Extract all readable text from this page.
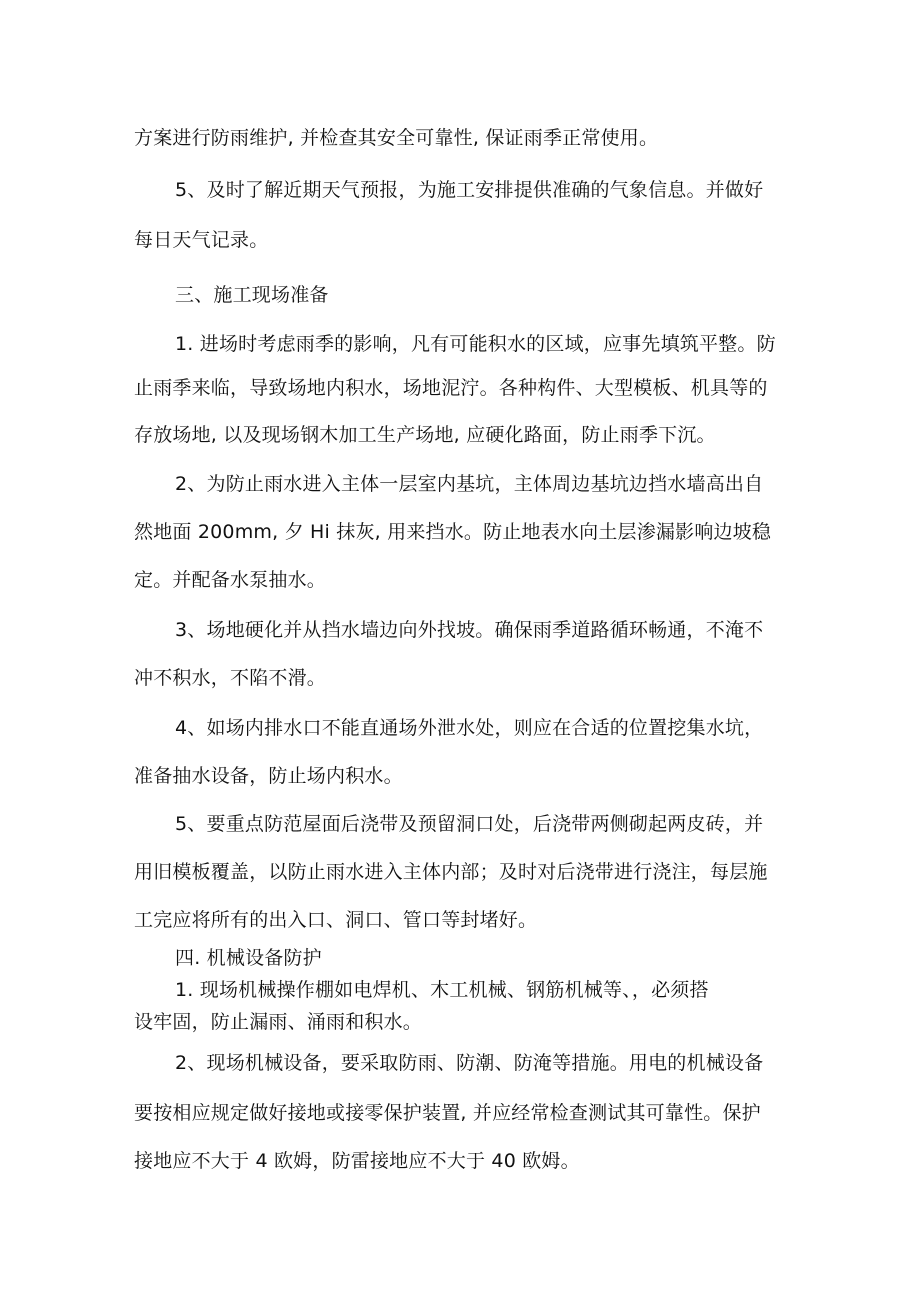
方案进行防雨维护, 并检查其安全可靠性, 保证雨季正常使用。
5、及时了解近期天气预报，为施工安排提供准确的气象信息。并做好
每日天气记录。
三、施工现场准备
1. 进场时考虑雨季的影响，凡有可能积水的区域，应事先填筑平整。防
止雨季来临，导致场地内积水，场地泥泞。各种构件、大型模板、机具等的
存放场地, 以及现场钢木加工生产场地, 应硬化路面，防止雨季下沉。
2、为防止雨水进入主体一层室内基坑，主体周边基坑边挡水墙高出自
然地面 200mm, 夕 Hi 抹灰, 用来挡水。防止地表水向土层渗漏影响边坡稳
定。并配备水泵抽水。
3、场地硬化并从挡水墙边向外找坡。确保雨季道路循环畅通，不淹不
冲不积水，不陷不滑。
4、如场内排水口不能直通场外泄水处，则应在合适的位置挖集水坑，
准备抽水设备，防止场内积水。
5、要重点防范屋面后浇带及预留洞口处，后浇带两侧砌起两皮砖，并
用旧模板覆盖，以防止雨水进入主体内部；及时对后浇带进行浇注，每层施
工完应将所有的出入口、洞口、管口等封堵好。
四. 机械设备防护
1. 现场机械操作棚如电焊机、木工机械、钢筋机械等、，必须搭
设牢固，防止漏雨、涌雨和积水。
2、现场机械设备，要采取防雨、防潮、防淹等措施。用电的机械设备
要按相应规定做好接地或接零保护装置, 并应经常检查测试其可靠性。保护
接地应不大于 4 欧姆，防雷接地应不大于 40 欧姆。
